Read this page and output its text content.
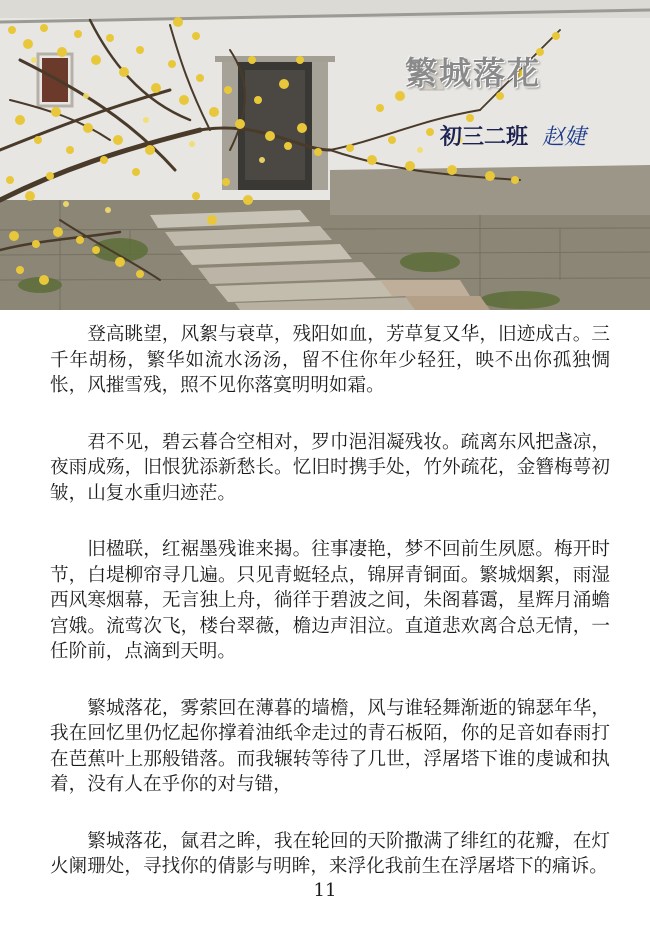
繁城落花
初三二班 赵婕

登高眺望，风絮与衰草，残阳如血，芳草复又华，旧迹成古。三千年胡杨，繁华如流水汤汤，留不住你年少轻狂，映不出你孤独惆怅，风摧雪残，照不见你落寞明明如霜。

君不见，碧云暮合空相对，罗巾浥泪凝残妆。疏离东风把盏凉，夜雨成殇，旧恨犹添新愁长。忆旧时携手处，竹外疏花，金簪梅萼初皱，山复水重归迹茫。

旧楹联，红裾墨残谁来揭。往事凄艳，梦不回前生夙愿。梅开时节，白堤柳帘寻几遍。只见青蜓轻点，锦屏青铜面。繁城烟絮，雨湿西风寒烟幕，无言独上舟，徜徉于碧波之间，朱阁暮霭，星辉月涌蟾宫娥。流莺次飞，楼台翠薇，檐边声泪泣。直道悲欢离合总无情，一任阶前，点滴到天明。

繁城落花，雾萦回在薄暮的墙檐，风与谁轻舞渐逝的锦瑟年华，我在回忆里仍忆起你撑着油纸伞走过的青石板陌，你的足音如春雨打在芭蕉叶上那般错落。而我辗转等待了几世，浮屠塔下谁的虔诚和执着，没有人在乎你的对与错，

繁城落花，氤君之眸，我在轮回的天阶撒满了绯红的花瓣，在灯火阑珊处，寻找你的倩影与明眸，来浮化我前生在浮屠塔下的痛诉。

11
